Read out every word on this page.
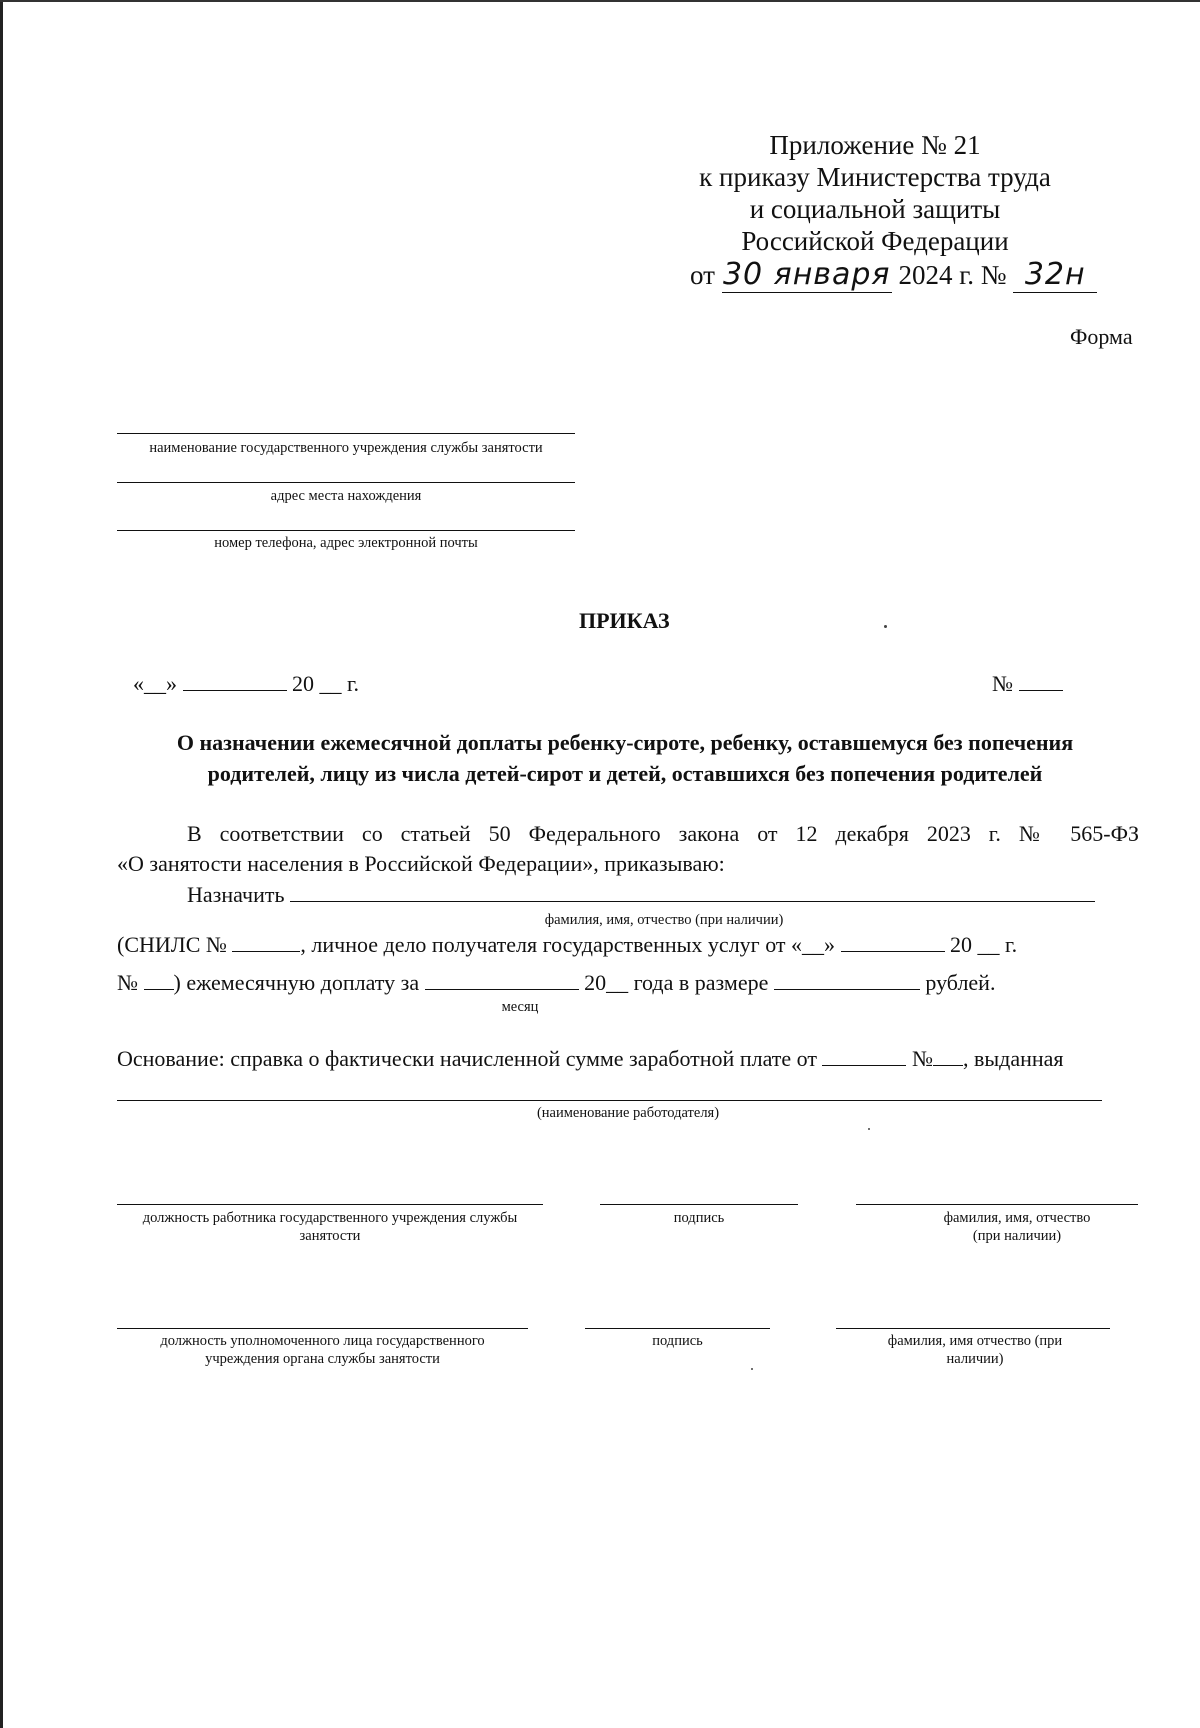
Приложение № 21
к приказу Министерства труда
и социальной защиты
Российской Федерации
от 30 января 2024 г. № 32н
Форма
наименование государственного учреждения службы занятости
адрес места нахождения
номер телефона, адрес электронной почты
ПРИКАЗ
«__»	20 __ г.	№
О назначении ежемесячной доплаты ребенку-сироте, ребенку, оставшемуся без попечения
родителей, лицу из числа детей-сирот и детей, оставшихся без попечения родителей
В соответствии со статьей 50 Федерального закона от 12 декабря 2023 г. № 565-ФЗ
«О занятости населения в Российской Федерации», приказываю:
Назначить
фамилия, имя, отчество (при наличии)
(СНИЛС №	, личное дело получателя государственных услуг от «__»	20 __ г.
№ ) ежемесячную доплату за	20__ года в размере	рублей.
месяц
Основание: справка о фактически начисленной сумме заработной плате от	№ , выданная
(наименование работодателя)
должность работника государственного учреждения службы занятости
подпись	фамилия, имя, отчество
(при наличии)
должность уполномоченного лица государственного учреждения органа службы занятости
подпись	фамилия, имя отчество (при
наличии)
